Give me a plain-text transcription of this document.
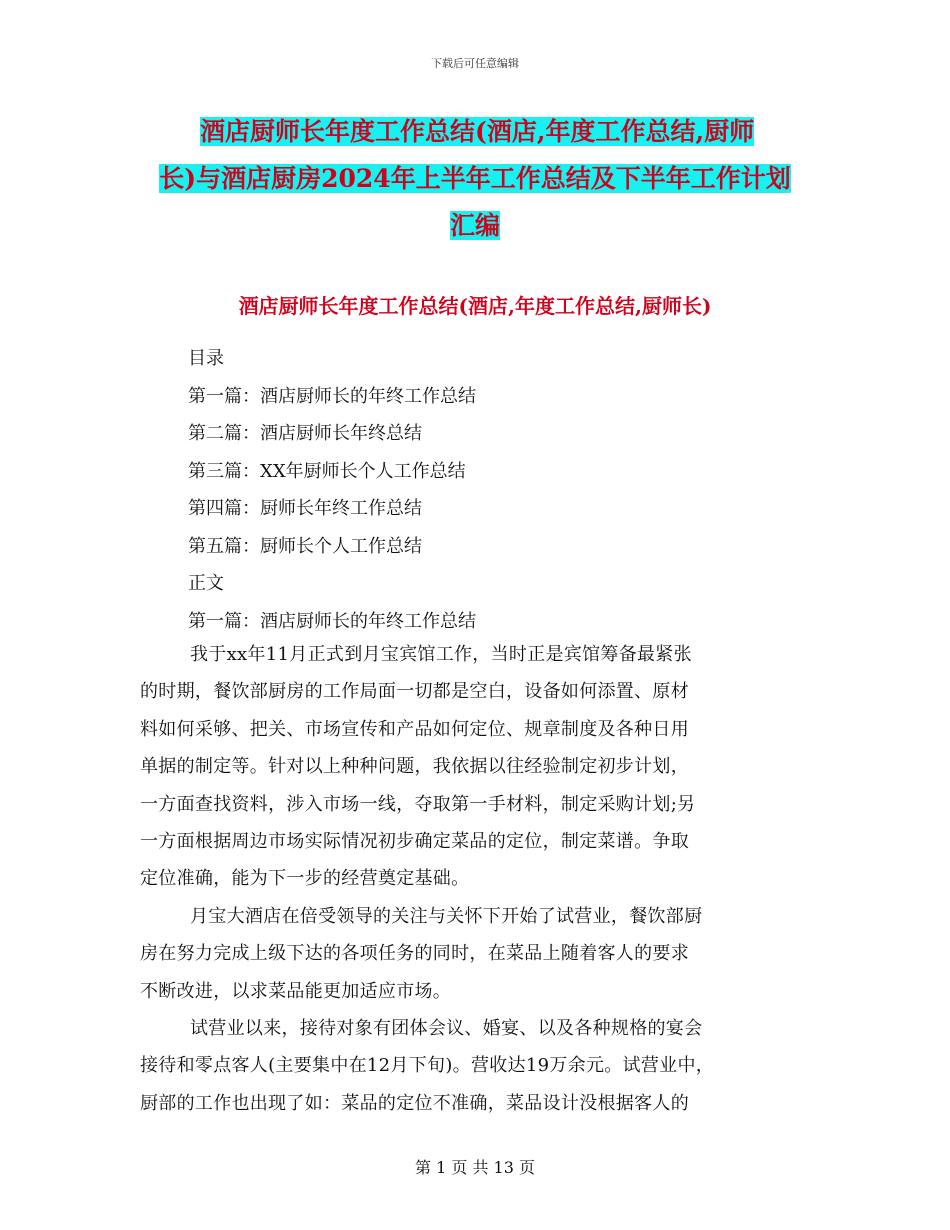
下载后可任意编辑
酒店厨师长年度工作总结(酒店,年度工作总结,厨师
长)与酒店厨房2024年上半年工作总结及下半年工作计划
汇编
酒店厨师长年度工作总结(酒店,年度工作总结,厨师长)
目录
第一篇：酒店厨师长的年终工作总结
第二篇：酒店厨师长年终总结
第三篇：XX年厨师长个人工作总结
第四篇：厨师长年终工作总结
第五篇：厨师长个人工作总结
正文
第一篇：酒店厨师长的年终工作总结
我于xx年11月正式到月宝宾馆工作，当时正是宾馆筹备最紧张
的时期，餐饮部厨房的工作局面一切都是空白，设备如何添置、原材
料如何采够、把关、市场宣传和产品如何定位、规章制度及各种日用
单据的制定等。针对以上种种问题，我依据以往经验制定初步计划，
一方面查找资料，涉入市场一线，夺取第一手材料，制定采购计划;另
一方面根据周边市场实际情况初步确定菜品的定位，制定菜谱。争取
定位准确，能为下一步的经营奠定基础。
月宝大酒店在倍受领导的关注与关怀下开始了试营业，餐饮部厨
房在努力完成上级下达的各项任务的同时，在菜品上随着客人的要求
不断改进，以求菜品能更加适应市场。
试营业以来，接待对象有团体会议、婚宴、以及各种规格的宴会
接待和零点客人(主要集中在12月下旬)。营收达19万余元。试营业中，
厨部的工作也出现了如：菜品的定位不准确，菜品设计没根据客人的
第 1 页 共 13 页
